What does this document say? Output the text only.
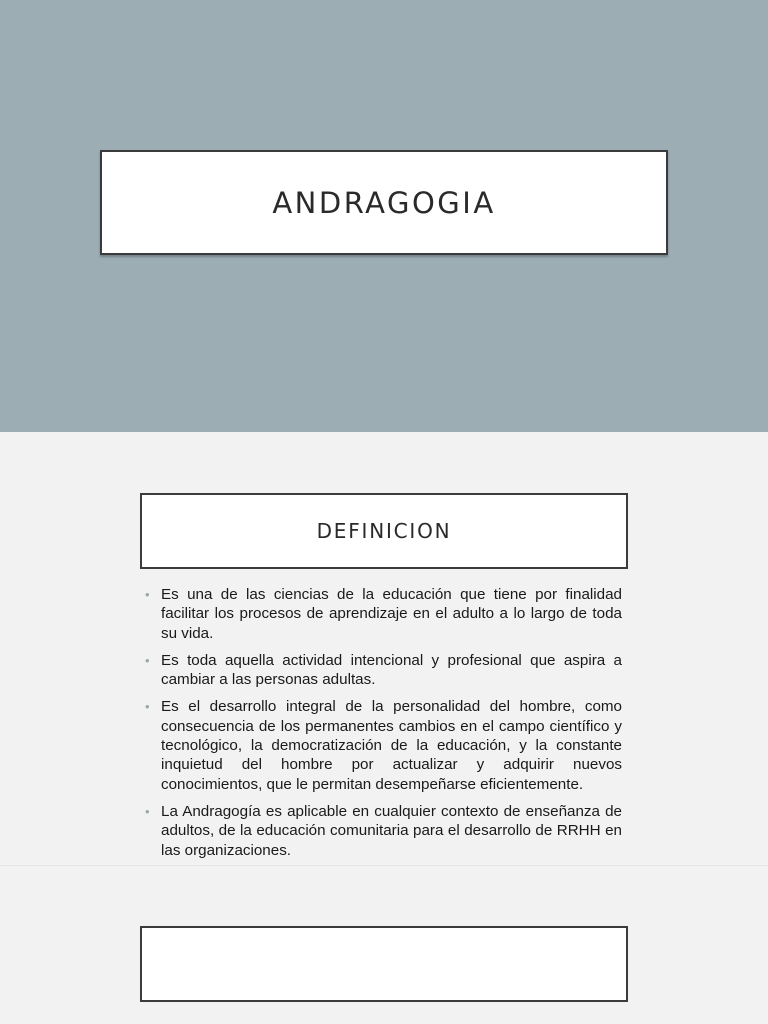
ANDRAGOGIA
DEFINICION
• Es una de las ciencias de la educación que tiene por finalidad facilitar los procesos de aprendizaje en el adulto a lo largo de toda su vida.
• Es toda aquella actividad intencional y profesional que aspira a cambiar a las personas adultas.
• Es el desarrollo integral de la personalidad del hombre, como consecuencia de los permanentes cambios en el campo científico y tecnológico, la democratización de la educación, y la constante inquietud del hombre por actualizar y adquirir nuevos conocimientos, que le permitan desempeñarse eficientemente.
• La Andragogía es aplicable en cualquier contexto de enseñanza de adultos, de la educación comunitaria para el desarrollo de RRHH en las organizaciones.
